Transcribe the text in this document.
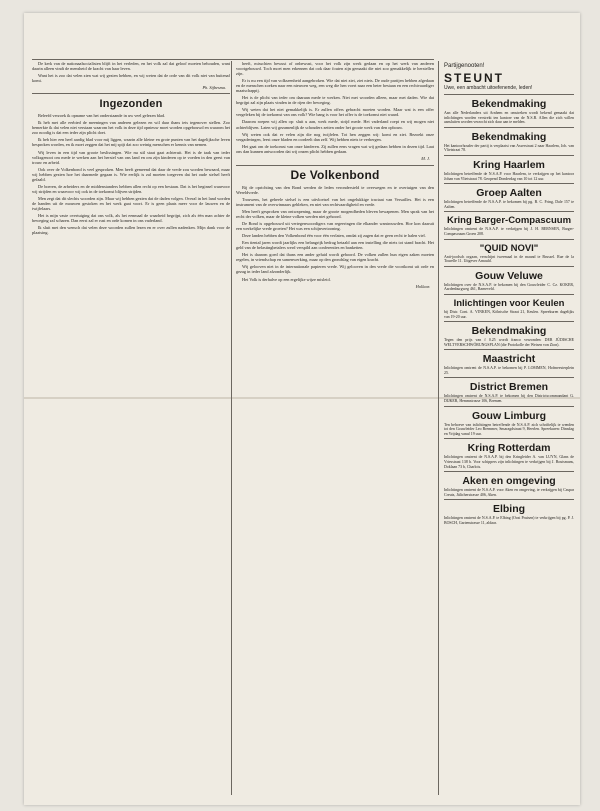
De kerk van de nationaalsocialisten blijft in het verleden, en het volk zal dat geloof moeten behouden, want daarin alleen vindt de mensheid de kracht van haar leven.

Want het is zoo dat velen zien wat wij gezien hebben, en wij weten dat de orde van dit volk niet van buitenaf komt.

Ph. Sijbesma.
Ingezonden

Beleefd verzoek ik opname van het onderstaande in uw veel gelezen blad.

Ik heb met alle eerbied de meeningen van anderen gelezen en wil daar thans iets tegenover stellen. Zoo bemerkte ik dat velen niet verstaan waarom het volk in deze tijd opnieuw moet worden opgebouwd en waarom het zoo noodig is dat een ieder zijn plicht doet.

Ik heb hier een heel aardig blad voor mij liggen, waarin alle kleine en grote punten van het dagelijksche leven besproken worden, en ik moet zeggen dat het mij spijt dat zoo weinig menschen er kennis van nemen.

Wij leven in een tijd van groote beslissingen. Wie nu stil staat gaat achteruit. Het is de taak van ieder volksgenoot om mede te werken aan het herstel van ons land en om zijn kinderen op te voeden in den geest van trouw en arbeid.

Ook over de Volkenbond is veel gesproken. Men heeft gemeend dat daar de vrede zou worden bewaard, maar wij hebben gezien hoe het daarmede gegaan is. Wie eerlijk is zal moeten toegeven dat het oude stelsel heeft gefaald.

De boeren, de arbeiders en de middenstanders hebben allen recht op een bestaan. Dat is het beginsel waarvoor wij strijden en waarvoor wij ook in de toekomst blijven strijden.

Men zegt dat dit slechts woorden zijn. Maar wij hebben gezien dat de daden volgen. Overal in het land worden de handen uit de mouwen gestoken en het werk gaat voort. Er is geen plaats meer voor de lauwen en de twijfelaars.

Het is mijn vaste overtuiging dat ons volk, als het eenmaal de waarheid begrijpt, zich als één man achter de beweging zal scharen. Dan eerst zal er rust en orde komen in ons vaderland.

Ik sluit met den wensch dat velen deze woorden zullen lezen en er over zullen nadenken. Mijn dank voor de plaatsing.

heeft, misschien bewust of onbewust, voor het volk zijn werk gedaan en op het werk van anderen voortgebouwd. Toch moet men erkennen dat ook daar fouten zijn gemaakt die niet zoo gemakkelijk te herstellen zijn.

Er is nu een tijd van volkseenheid aangebroken. Wie dat niet ziet, ziet niets. De oude partijen hebben afgedaan en de menschen zoeken naar een nieuwen weg, een weg die hen voert naar een beter bestaan en een rechtvaardiger maatschappij.

Het is de plicht van ieder om daaraan mede te werken. Niet met woorden alleen, maar met daden. Wie dat begrijpt zal zijn plaats vinden in de rijen der beweging.

Wij weten dat het niet gemakkelijk is. Er zullen offers gebracht moeten worden. Maar wat is een offer vergeleken bij de toekomst van ons volk? Wie bang is voor het offer is de toekomst niet waard.

Daarom roepen wij allen op: sluit u aan, werk mede, strijd mede. Het vaderland roept en wij mogen niet achterblijven. Laten wij gezamenlijk de schouders zetten onder het groote werk van den opbouw.

Wij weten ook dat er velen zijn die nog twijfelen. Tot hen zeggen wij: komt en ziet. Bezoekt onze vergaderingen, leest onze bladen en oordeelt dan zelf. Wij hebben niets te verbergen.

Het gaat om de toekomst van onze kinderen. Zij zullen eens vragen wat wij gedaan hebben in dezen tijd. Laat ons dan kunnen antwoorden dat wij onzen plicht hebben gedaan.

M. J.
De Volkenbond

Bij de oprichting van den Bond werden de leden verondersteld te overwegen en te overtuigen van den Wereldvrede.

Trouwens, het geheele stelsel is een uitvloeisel van het ongelukkige tractaat van Versailles. Het is een instrument van de overwinnaars gebleken, en niet van rechtvaardigheid en vrede.

Men heeft gesproken van ontwapening, maar de groote mogendheden bleven bewapenen. Men sprak van het recht der volken, maar de kleine volken werden niet gehoord.

De Bond is opgebouwd uit vertegenwoordigers van regeeringen die elkander wantrouwden. Hoe kon daaruit een werkelijke vrede groeien? Het was een schijnvertooning.

Deze landen hebben den Volkenbond één voor één verlaten, omdat zij zagen dat er geen recht te halen viel.

Een tiental jaren wordt jaarlijks een belangrijk bedrag betaald aan een instelling die niets tot stand bracht. Het geld van de belastingbetalers werd verspild aan conferenties en banketten.

Het is daarom goed dat thans een ander geluid wordt gehoord. De volken zullen hun eigen zaken moeten regelen, in vriendschap en samenwerking, maar op den grondslag van eigen kracht.

Wij gelooven niet in de internationale papieren vrede. Wij gelooven in den vrede die voortkomt uit orde en gezag in ieder land afzonderlijk.

Het Volk is derhalve op een ergelijke wijze misleid.

Hollaar.
Partijgenooten!
STEUNT
Uwe, een ambacht uitoefenende, leden!
Bekendmaking
Aan alle Nederlanders uit Arnhem en omstreken wordt bekend gemaakt dat inlichtingen worden verstrekt ten kantore van de N.S.B. Allen die zich willen aansluiten worden verzocht zich daar aan te melden.
Bekendmaking
Het kantoorhouder der partij is verplaatst van Asserstraat 2 naar Haarlem, Joh. van Vlietstraat 78.
Kring Haarlem
Inlichtingen betreffende de N.S.A.P. voor Haarlem, te verkrijgen op het kantoor Johan van Vlietstraat 78. Geopend Donderdag van 10 tot 12 uur.
Groep Aalten
Inlichtingen betreffende de N.S.A.P. te bekomen bij pg. B. C. Fring, Dale 157 te Aalten.
Kring Barger-Compascuum
Inlichtingen omtrent de N.S.A.P. te verkrijgen bij J. H. BERNSEN, Barger-Compascuum Groen 208.
"QUID NOVI"
Anti-joodsch orgaan, verschijnt tweemaal in de maand te Brussel. Rue de la Tourelle 11. Uitgever Arnauld.
Gouw Veluwe
Inlichtingen over de N.S.A.P. te bekomen bij den Gouwleider C. Cz. KOKER, Aardenburgweg 461, Barneveld.
Inlichtingen voor Keulen
bij Distr. Cont. A. VINKEN, Kölnische Straat 21, Keulen. Spreekuren dagelijks van 19-20 uur.
Bekendmaking
Tegen den prijs van f 0.25 wordt franco verzonden: DER JÜDISCHE WELTVERSCHWÖRUNGSPLAN (die Protokolle der Weisen von Zion).
Maastricht
Inlichtingen omtrent de N.S.A.P. te bekomen bij P. LOMMEN, Hofmeesterplein 25.
District Bremen
Inlichtingen omtrent de N.S.A.P. te bekomen bij den Districtscommandant G. DIJKER, Hemmstrasse 106, Bremen.
Gouw Limburg
Ten behoeve van inlichtingen betreffende de N.S.A.P. zich schriftelijk te wenden tot den Gouwleider Leo Bremmer, Smaragdstraat 9, Heerlen. Spreekuren: Dinsdag en Vrijdag vanaf 19 uur.
Kring Rotterdam
Inlichtingen omtrent de N.S.A.P. bij den Kringleider A. van LUYN, Glans de Vriesstraat 138 b. Voor schippers zijn inlichtingen te verkrijgen bij J. Boutsmans, Doklaan 73 b, Charlois.
Aken en omgeving
Inlichtingen omtrent de N.S.A.P. voor Aken en omgeving, te verkrijgen bij Caspar Creutz, Jülicherstrasse 406, Aken.
Elbing
Inlichtingen omtrent de N.S.A.P. te Elbing (Oost Pruisen) te verkrijgen bij pg. P. J. BOSCH, Gartenstrasse 11, aldaar.
